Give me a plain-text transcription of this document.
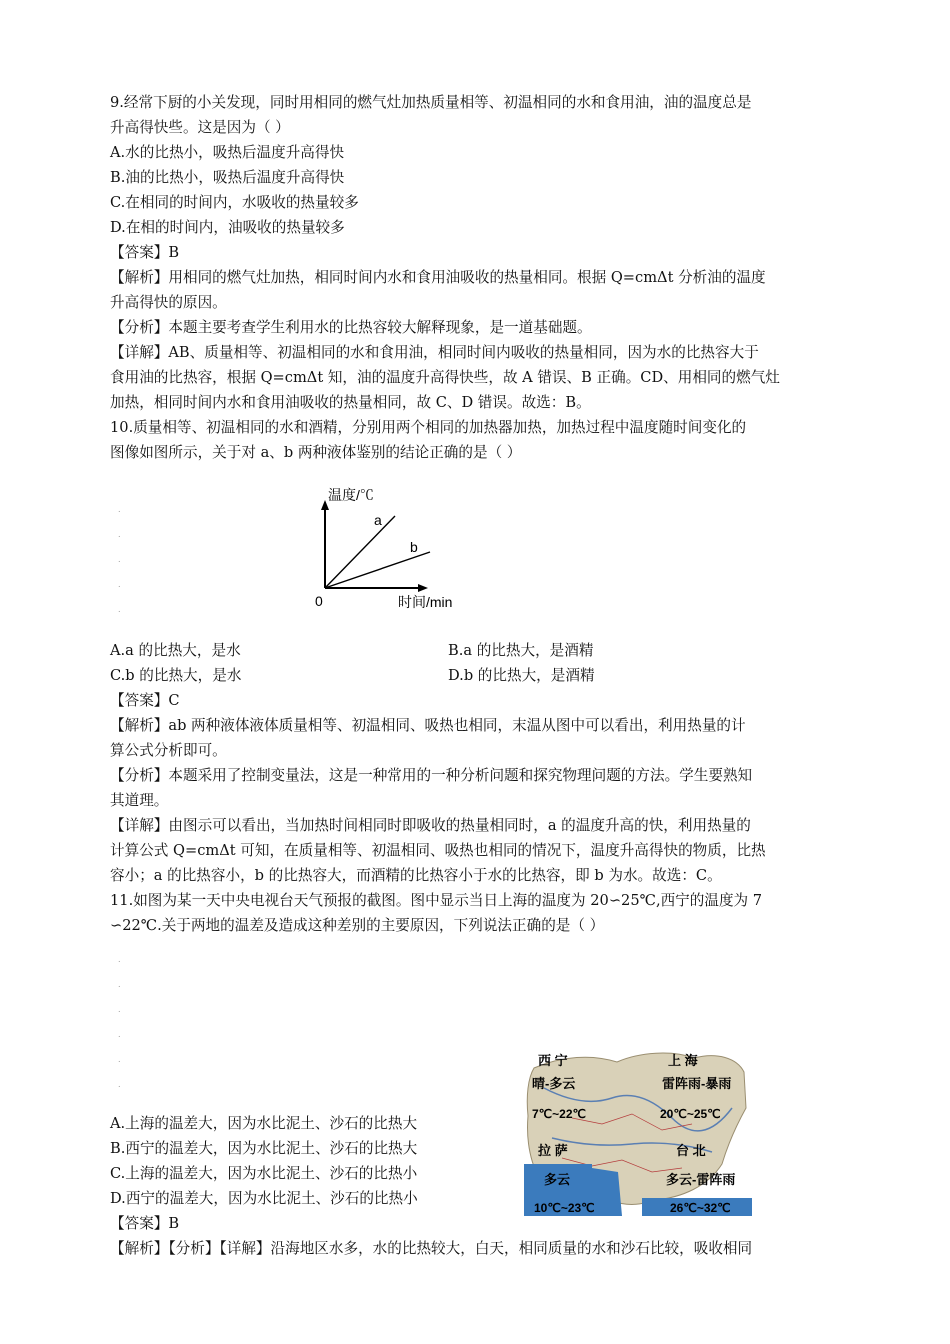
9.经常下厨的小关发现，同时用相同的燃气灶加热质量相等、初温相同的水和食用油，油的温度总是
升高得快些。这是因为（ ）
A.水的比热小，吸热后温度升高得快
B.油的比热小，吸热后温度升高得快
C.在相同的时间内，水吸收的热量较多
D.在相的时间内，油吸收的热量较多
【答案】B
【解析】用相同的燃气灶加热，相同时间内水和食用油吸收的热量相同。根据 Q=cmΔt 分析油的温度
升高得快的原因。
【分析】本题主要考查学生利用水的比热容较大解释现象，是一道基础题。
【详解】AB、质量相等、初温相同的水和食用油，相同时间内吸收的热量相同，因为水的比热容大于
食用油的比热容，根据 Q=cmΔt 知，油的温度升高得快些，故 A 错误、B 正确。CD、用相同的燃气灶
加热，相同时间内水和食用油吸收的热量相同，故 C、D 错误。故选：B。
10.质量相等、初温相同的水和酒精，分别用两个相同的加热器加热，加热过程中温度随时间变化的
图像如图所示，关于对 a、b 两种液体鉴别的结论正确的是（ ）
.
.
.
.
.
温度/℃
时间/min
0
a
b
A.a 的比热大，是水	B.a 的比热大，是酒精
C.b 的比热大，是水	D.b 的比热大，是酒精
【答案】C
【解析】ab 两种液体液体质量相等、初温相同、吸热也相同，末温从图中可以看出，利用热量的计
算公式分析即可。
【分析】本题采用了控制变量法，这是一种常用的一种分析问题和探究物理问题的方法。学生要熟知
其道理。
【详解】由图示可以看出，当加热时间相同时即吸收的热量相同时，a 的温度升高的快，利用热量的
计算公式 Q=cmΔt 可知，在质量相等、初温相同、吸热也相同的情况下，温度升高得快的物质，比热
容小；a 的比热容小，b 的比热容大，而酒精的比热容小于水的比热容，即 b 为水。故选：C。
11.如图为某一天中央电视台天气预报的截图。图中显示当日上海的温度为 20∽25℃,西宁的温度为 7
∽22℃.关于两地的温差及造成这种差别的主要原因，下列说法正确的是（ ）
.
.
.
.
.
.
西 宁
晴-多云
7℃~22℃
上 海
雷阵雨-暴雨
20℃~25℃
拉 萨
多云
10℃~23℃
台 北
多云-雷阵雨
26℃~32℃
A.上海的温差大，因为水比泥土、沙石的比热大
B.西宁的温差大，因为水比泥土、沙石的比热大
C.上海的温差大，因为水比泥土、沙石的比热小
D.西宁的温差大，因为水比泥土、沙石的比热小
【答案】B
【解析】【分析】【详解】沿海地区水多，水的比热较大，白天，相同质量的水和沙石比较，吸收相同
